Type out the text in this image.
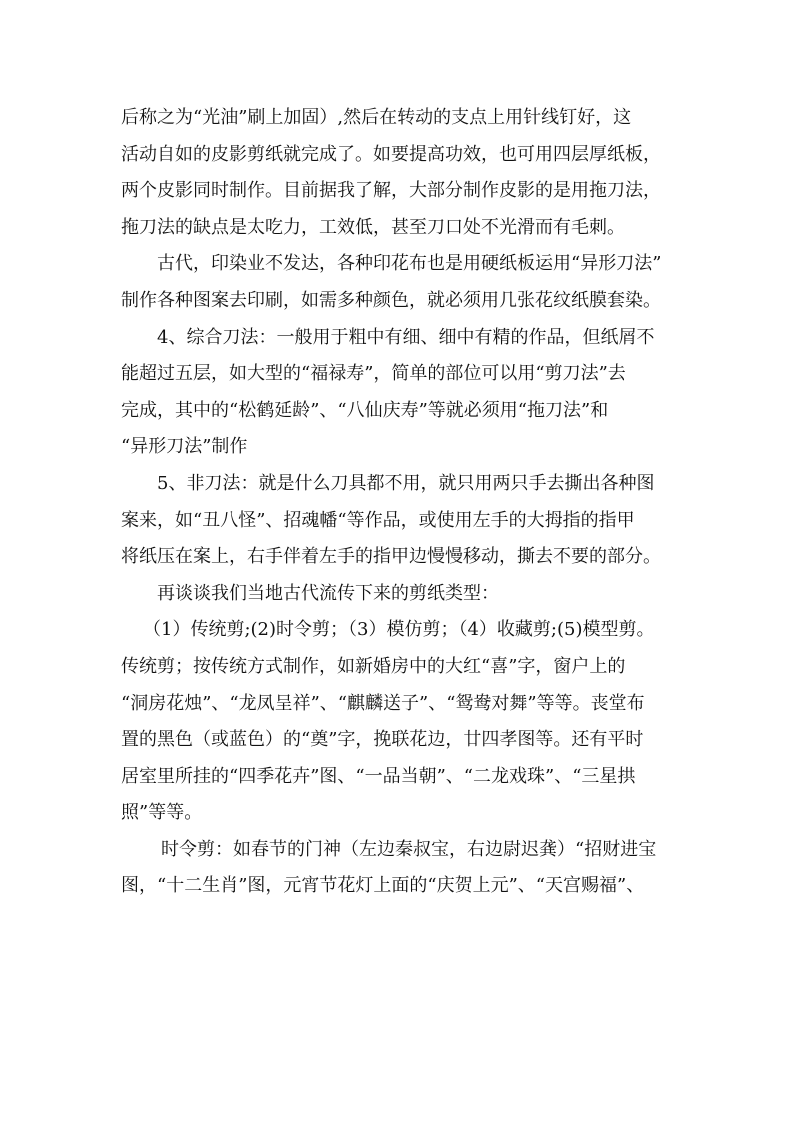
后称之为“光油”刷上加固）,然后在转动的支点上用针线钉好，这
活动自如的皮影剪纸就完成了。如要提高功效，也可用四层厚纸板，
两个皮影同时制作。目前据我了解，大部分制作皮影的是用拖刀法，
拖刀法的缺点是太吃力，工效低，甚至刀口处不光滑而有毛刺。
古代，印染业不发达，各种印花布也是用硬纸板运用“异形刀法”
制作各种图案去印刷，如需多种颜色，就必须用几张花纹纸膜套染。
4、综合刀法：一般用于粗中有细、细中有精的作品，但纸屑不
能超过五层，如大型的“福禄寿”，简单的部位可以用“剪刀法”去
完成，其中的“松鹤延龄”、“八仙庆寿”等就必须用“拖刀法”和
“异形刀法”制作
5、非刀法：就是什么刀具都不用，就只用两只手去撕出各种图
案来，如“丑八怪”、招魂幡“等作品，或使用左手的大拇指的指甲
将纸压在案上，右手伴着左手的指甲边慢慢移动，撕去不要的部分。
再谈谈我们当地古代流传下来的剪纸类型：
（1）传统剪;(2)时令剪；（3）模仿剪；（4）收藏剪;(5)模型剪。
传统剪；按传统方式制作，如新婚房中的大红“喜”字，窗户上的
“洞房花烛”、“龙凤呈祥”、“麒麟送子”、“鸳鸯对舞”等等。丧堂布
置的黑色（或蓝色）的“奠”字，挽联花边，廿四孝图等。还有平时
居室里所挂的“四季花卉”图、“一品当朝”、“二龙戏珠”、“三星拱
照”等等。
时令剪：如春节的门神（左边秦叔宝，右边尉迟龚）“招财进宝
图，“十二生肖”图，元宵节花灯上面的“庆贺上元”、“天宫赐福”、
